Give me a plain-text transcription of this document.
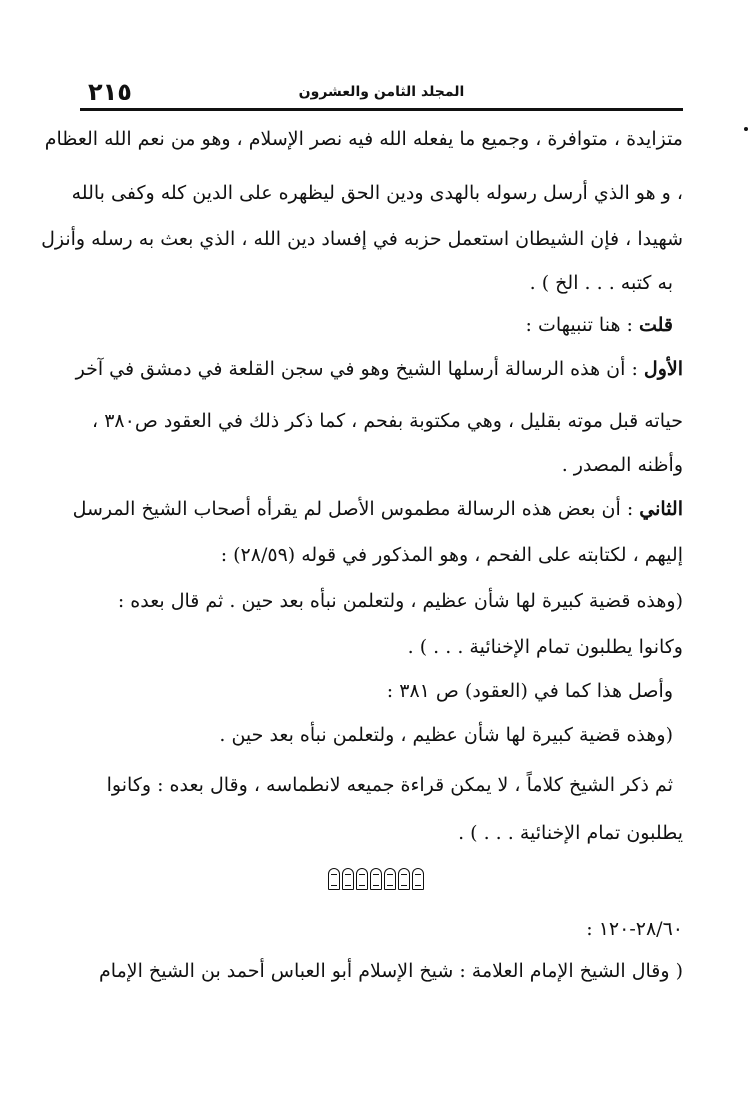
٢١٥	المجلد الثامن والعشرون
متزايدة ، متوافرة ، وجميع ما يفعله الله فيه نصر الإسلام ، وهو من نعم الله العظام
، و هو الذي أرسل رسوله بالهدى ودين الحق ليظهره على الدين كله وكفى بالله
شهيدا ، فإن الشيطان استعمل حزبه في إفساد دين الله ، الذي بعث به رسله وأنزل
به كتبه . . . الخ ) .
قلت : هنا تنبيهات :
الأول : أن هذه الرسالة أرسلها الشيخ وهو في سجن القلعة في دمشق في آخر
حياته قبل موته بقليل ، وهي مكتوبة بفحم ، كما ذكر ذلك في العقود ص٣٨٠ ،
وأظنه المصدر .
الثاني : أن بعض هذه الرسالة مطموس الأصل لم يقرأه أصحاب الشيخ المرسل
إليهم ، لكتابته على الفحم ، وهو المذكور في قوله (٢٨/٥٩) :
(وهذه قضية كبيرة لها شأن عظيم ، ولتعلمن نبأه بعد حين . ثم قال بعده :
وكانوا يطلبون تمام الإخنائية . . . ) .
وأصل هذا كما في (العقود) ص ٣٨١ :
(وهذه قضية كبيرة لها شأن عظيم ، ولتعلمن نبأه بعد حين .
ثم ذكر الشيخ كلاماً ، لا يمكن قراءة جميعه لانطماسه ، وقال بعده : وكانوا
يطلبون تمام الإخنائية . . . ) .
٢٨/٦٠-١٢٠ :
( وقال الشيخ الإمام العلامة : شيخ الإسلام أبو العباس أحمد بن الشيخ الإمام
